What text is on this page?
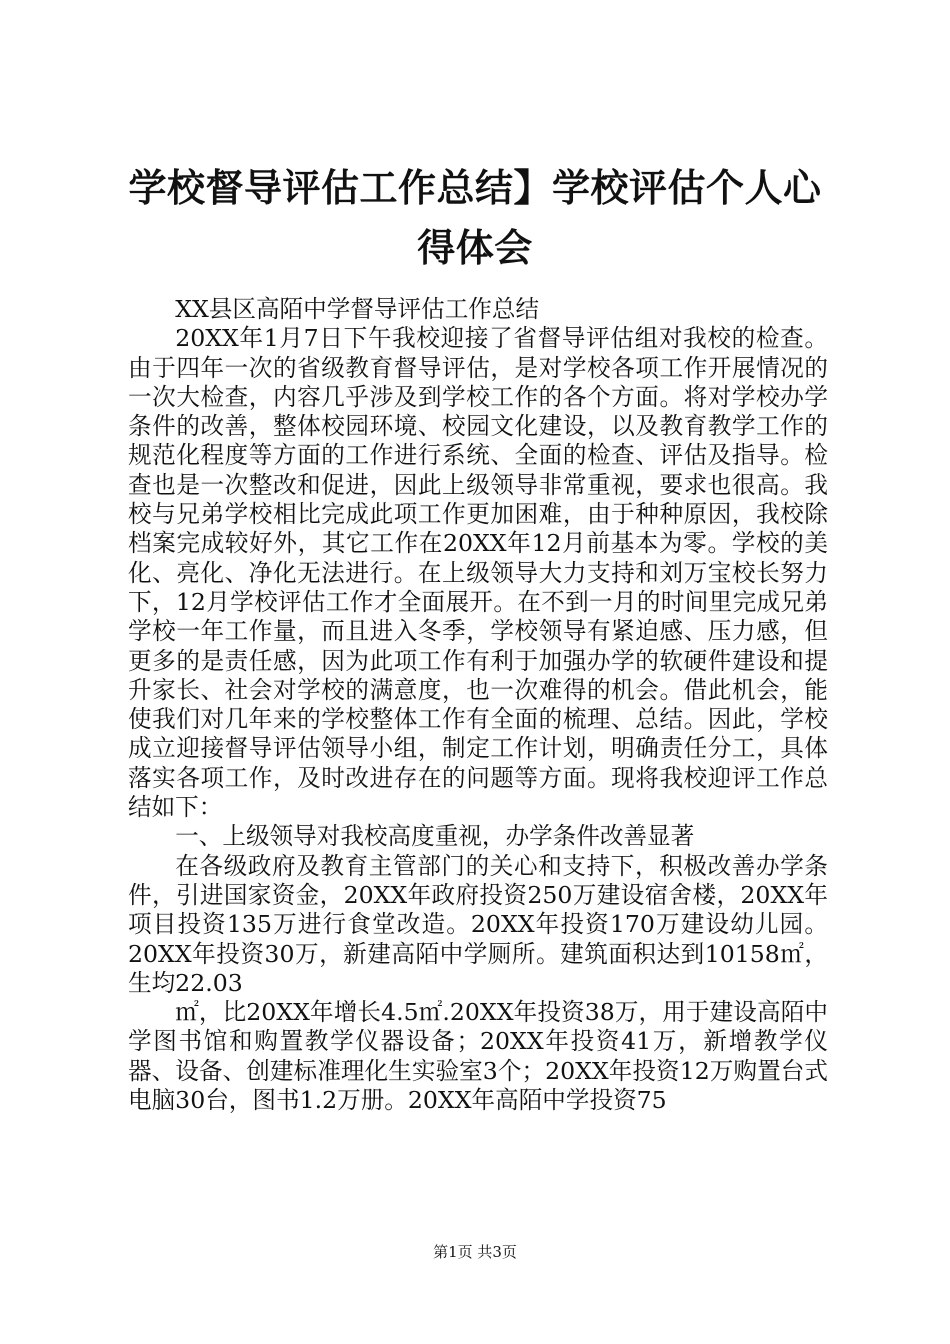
学校督导评估工作总结】学校评估个人心得体会

XX县区高陌中学督导评估工作总结

20XX年1月7日下午我校迎接了省督导评估组对我校的检查。由于四年一次的省级教育督导评估，是对学校各项工作开展情况的一次大检查，内容几乎涉及到学校工作的各个方面。将对学校办学条件的改善，整体校园环境、校园文化建设，以及教育教学工作的规范化程度等方面的工作进行系统、全面的检查、评估及指导。检查也是一次整改和促进，因此上级领导非常重视，要求也很高。我校与兄弟学校相比完成此项工作更加困难，由于种种原因，我校除档案完成较好外，其它工作在20XX年12月前基本为零。学校的美化、亮化、净化无法进行。在上级领导大力支持和刘万宝校长努力下，12月学校评估工作才全面展开。在不到一月的时间里完成兄弟学校一年工作量，而且进入冬季，学校领导有紧迫感、压力感，但更多的是责任感，因为此项工作有利于加强办学的软硬件建设和提升家长、社会对学校的满意度，也一次难得的机会。借此机会，能使我们对几年来的学校整体工作有全面的梳理、总结。因此，学校成立迎接督导评估领导小组，制定工作计划，明确责任分工，具体落实各项工作，及时改进存在的问题等方面。现将我校迎评工作总结如下：

一、上级领导对我校高度重视，办学条件改善显著

在各级政府及教育主管部门的关心和支持下，积极改善办学条件，引进国家资金，20XX年政府投资250万建设宿舍楼，20XX年项目投资135万进行食堂改造。20XX年投资170万建设幼儿园。20XX年投资30万，新建高陌中学厕所。建筑面积达到10158㎡，生均22.03

㎡，比20XX年增长4.5㎡.20XX年投资38万，用于建设高陌中学图书馆和购置教学仪器设备；20XX年投资41万，新增教学仪器、设备、创建标准理化生实验室3个；20XX年投资12万购置台式电脑30台，图书1.2万册。20XX年高陌中学投资75

第1页 共3页
